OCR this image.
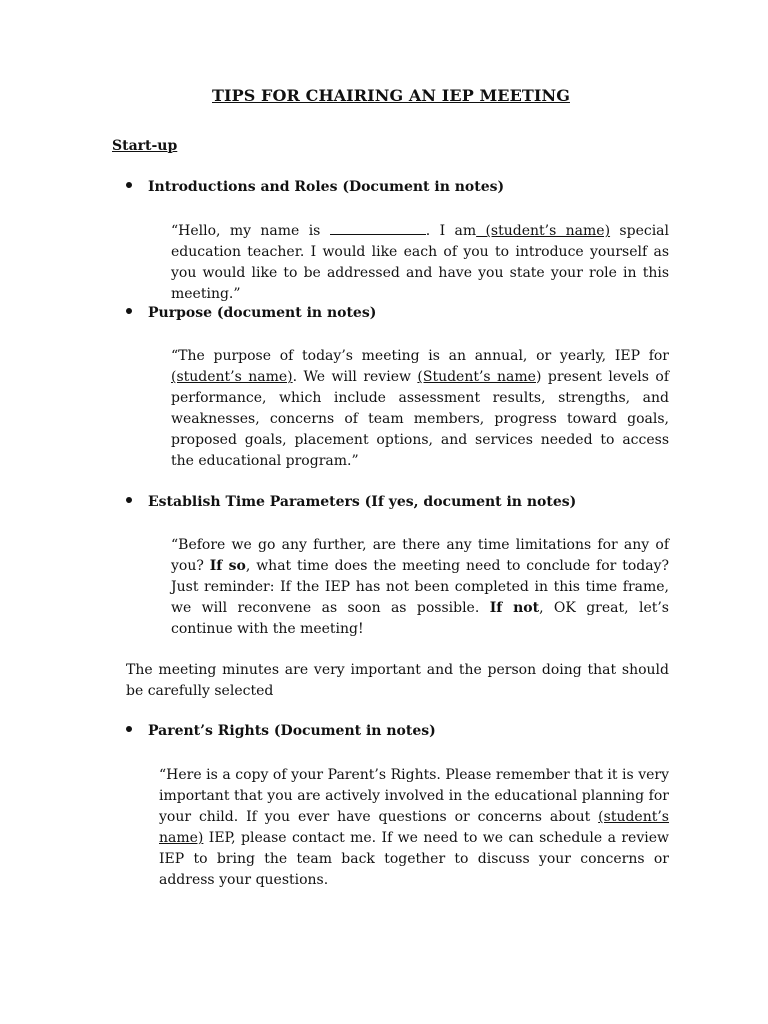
TIPS FOR CHAIRING AN IEP MEETING
Start-up
Introductions and Roles (Document in notes)
“Hello, my name is	. I am (student’s name) special education teacher. I would like each of you to introduce yourself as you would like to be addressed and have you state your role in this meeting.”
Purpose (document in notes)
“The purpose of today’s meeting is an annual, or yearly, IEP for (student’s name). We will review (Student’s name) present levels of performance, which include assessment results, strengths, and weaknesses, concerns of team members, progress toward goals, proposed goals, placement options, and services needed to access the educational program.”
Establish Time Parameters (If yes, document in notes)
“Before we go any further, are there any time limitations for any of you? If so, what time does the meeting need to conclude for today? Just reminder: If the IEP has not been completed in this time frame, we will reconvene as soon as possible. If not, OK great, let’s continue with the meeting!
The meeting minutes are very important and the person doing that should be carefully selected
Parent’s Rights (Document in notes)
“Here is a copy of your Parent’s Rights. Please remember that it is very important that you are actively involved in the educational planning for your child. If you ever have questions or concerns about (student’s name) IEP, please contact me. If we need to we can schedule a review IEP to bring the team back together to discuss your concerns or address your questions.
